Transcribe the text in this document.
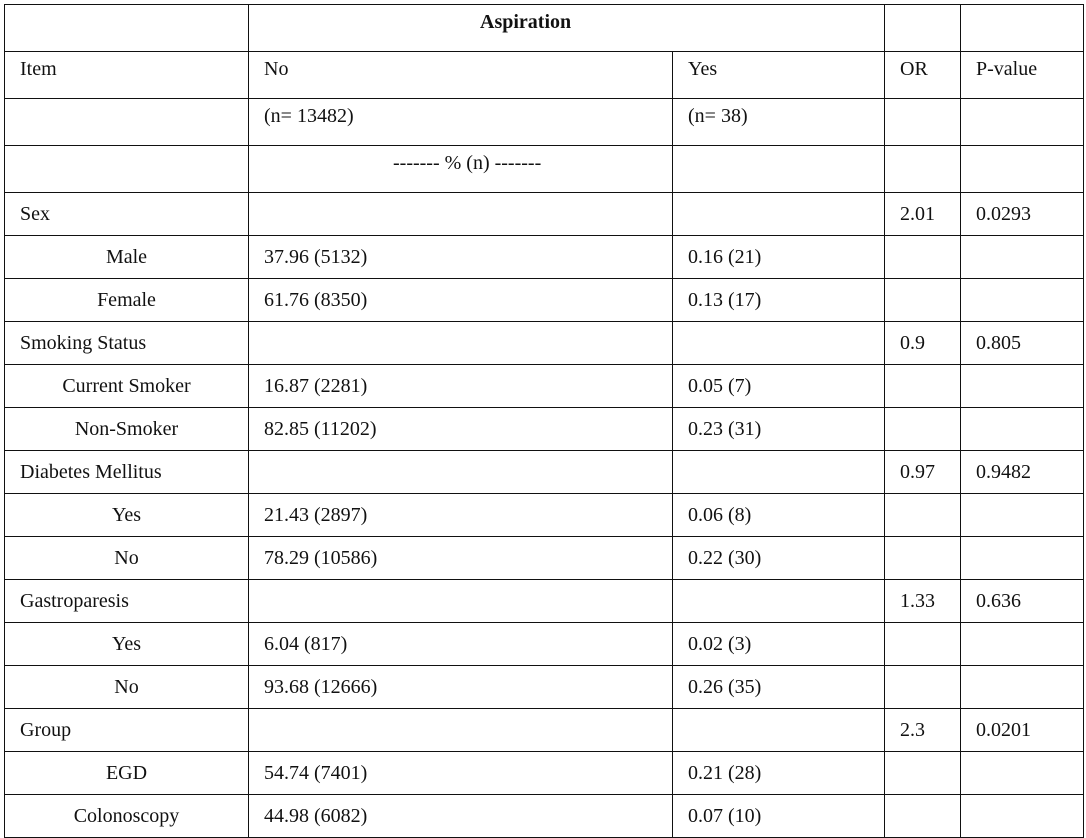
	Aspiration			
Item	No	Yes	OR	P-value
	(n= 13482)	(n= 38)		
	------- % (n) -------			
Sex			2.01	0.0293
Male	37.96 (5132)	0.16 (21)		
Female	61.76 (8350)	0.13 (17)		
Smoking Status			0.9	0.805
Current Smoker	16.87 (2281)	0.05 (7)		
Non-Smoker	82.85 (11202)	0.23 (31)		
Diabetes Mellitus			0.97	0.9482
Yes	21.43 (2897)	0.06 (8)		
No	78.29 (10586)	0.22 (30)		
Gastroparesis			1.33	0.636
Yes	6.04 (817)	0.02 (3)		
No	93.68 (12666)	0.26 (35)		
Group			2.3	0.0201
EGD	54.74 (7401)	0.21 (28)		
Colonoscopy	44.98 (6082)	0.07 (10)		
